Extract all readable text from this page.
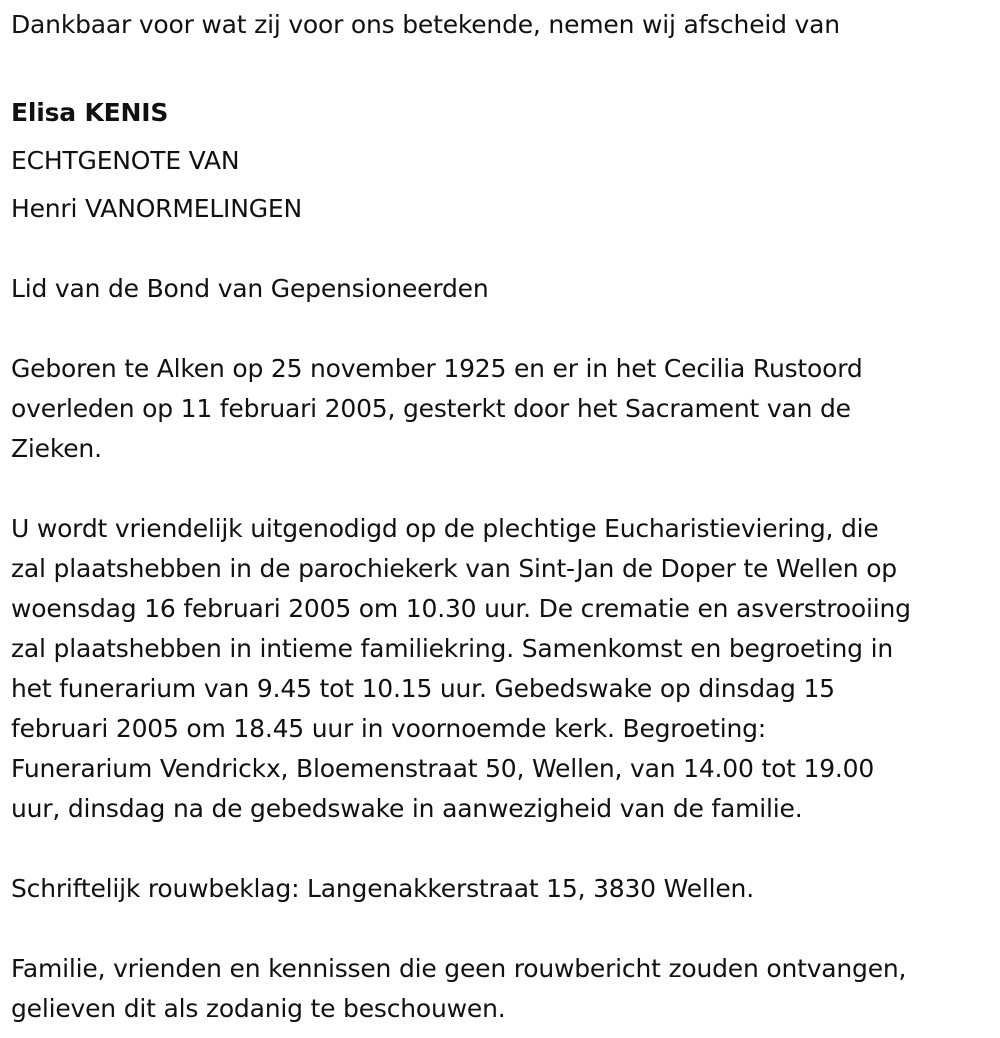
Dankbaar voor wat zij voor ons betekende, nemen wij afscheid van
Elisa KENIS
ECHTGENOTE VAN
Henri VANORMELINGEN
Lid van de Bond van Gepensioneerden
Geboren te Alken op 25 november 1925 en er in het Cecilia Rustoord
overleden op 11 februari 2005, gesterkt door het Sacrament van de
Zieken.
U wordt vriendelijk uitgenodigd op de plechtige Eucharistieviering, die
zal plaatshebben in de parochiekerk van Sint-Jan de Doper te Wellen op
woensdag 16 februari 2005 om 10.30 uur. De crematie en asverstrooiing
zal plaatshebben in intieme familiekring. Samenkomst en begroeting in
het funerarium van 9.45 tot 10.15 uur. Gebedswake op dinsdag 15
februari 2005 om 18.45 uur in voornoemde kerk. Begroeting:
Funerarium Vendrickx, Bloemenstraat 50, Wellen, van 14.00 tot 19.00
uur, dinsdag na de gebedswake in aanwezigheid van de familie.
Schriftelijk rouwbeklag: Langenakkerstraat 15, 3830 Wellen.
Familie, vrienden en kennissen die geen rouwbericht zouden ontvangen,
gelieven dit als zodanig te beschouwen.
